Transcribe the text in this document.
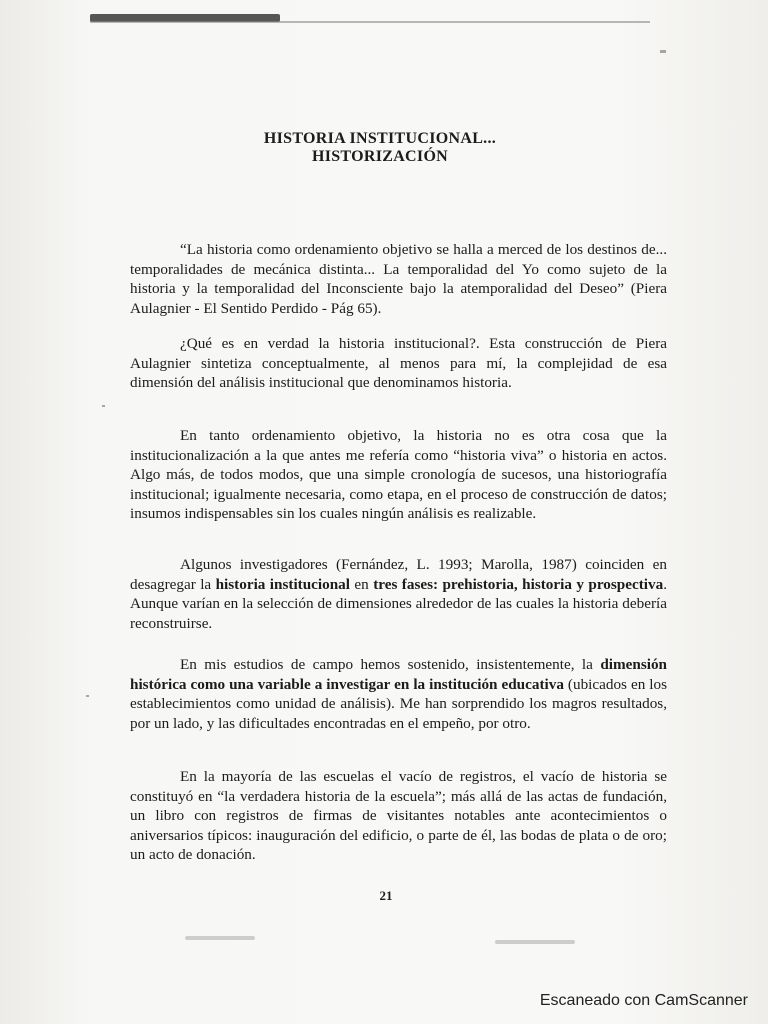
HISTORIA INSTITUCIONAL...
HISTORIZACIÓN
“La historia como ordenamiento objetivo se halla a merced de los destinos de... temporalidades de mecánica distinta... La temporalidad del Yo como sujeto de la historia y la temporalidad del Inconsciente bajo la atemporalidad del Deseo” (Piera Aulagnier - El Sentido Perdido - Pág 65).
¿Qué es en verdad la historia institucional?. Esta construcción de Piera Aulagnier sintetiza conceptualmente, al menos para mí, la complejidad de esa dimensión del análisis institucional que denominamos historia.
En tanto ordenamiento objetivo, la historia no es otra cosa que la institucionalización a la que antes me refería como “historia viva” o historia en actos. Algo más, de todos modos, que una simple cronología de sucesos, una historiografía institucional; igualmente necesaria, como etapa, en el proceso de construcción de datos; insumos indispensables sin los cuales ningún análisis es realizable.
Algunos investigadores (Fernández, L. 1993; Marolla, 1987) coinciden en desagregar la historia institucional en tres fases: prehistoria, historia y prospectiva. Aunque varían en la selección de dimensiones alrededor de las cuales la historia debería reconstruirse.
En mis estudios de campo hemos sostenido, insistentemente, la dimensión histórica como una variable a investigar en la institución educativa (ubicados en los establecimientos como unidad de análisis). Me han sorprendido los magros resultados, por un lado, y las dificultades encontradas en el empeño, por otro.
En la mayoría de las escuelas el vacío de registros, el vacío de historia se constituyó en “la verdadera historia de la escuela”; más allá de las actas de fundación, un libro con registros de firmas de visitantes notables ante acontecimientos o aniversarios típicos: inauguración del edificio, o parte de él, las bodas de plata o de oro; un acto de donación.
21
Escaneado con CamScanner
